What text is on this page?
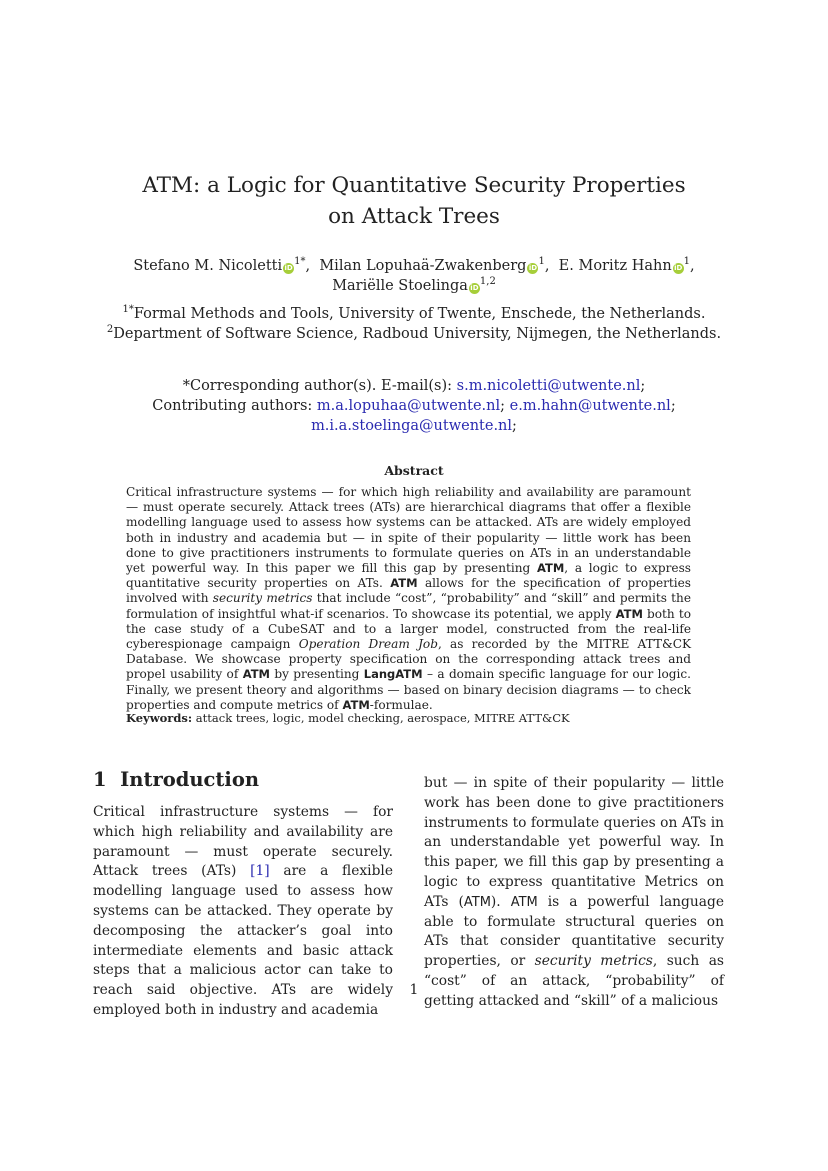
ATM: a Logic for Quantitative Security Properties
on Attack Trees
Stefano M. Nicoletti $iD^{1*}$,  Milan Lopuhaä-Zwakenberg $iD^1$,  E. Moritz Hahn $iD^1$,
Mariëlle Stoelinga iD$^{1,2}$
$^{1*}$Formal Methods and Tools, University of Twente, Enschede, the Netherlands.
$^2$Department of Software Science, Radboud University, Nijmegen, the Netherlands.
*Corresponding author(s). E-mail(s): s.m.nicoletti@utwente.nl;
Contributing authors: m.a.lopuhaa@utwente.nl; e.m.hahn@utwente.nl;
m.i.a.stoelinga@utwente.nl;
Abstract
Critical infrastructure systems — for which high reliability and availability are paramount — must operate securely. Attack trees (ATs) are hierarchical diagrams that offer a flexible modelling language used to assess how systems can be attacked. ATs are widely employed both in industry and academia but — in spite of their popularity — little work has been done to give practitioners instruments to formulate queries on ATs in an understandable yet powerful way. In this paper we fill this gap by presenting ATM, a logic to express quantitative security properties on ATs. ATM allows for the specification of properties involved with security metrics that include “cost”, “probability” and “skill” and permits the formulation of insightful what-if scenarios. To showcase its potential, we apply ATM both to the case study of a CubeSAT and to a larger model, constructed from the real-life cyberespionage campaign Operation Dream Job, as recorded by the MITRE ATT&CK Database. We showcase property specification on the corresponding attack trees and propel usability of ATM by presenting LangATM – a domain specific language for our logic. Finally, we present theory and algorithms — based on binary decision diagrams — to check properties and compute metrics of ATM-formulae.
Keywords: attack trees, logic, model checking, aerospace, MITRE ATT&CK
1 Introduction

Critical infrastructure systems — for which high reliability and availability are paramount — must operate securely. Attack trees (ATs) [1] are a flexible modelling language used to assess how systems can be attacked. They operate by decomposing the attacker’s goal into intermediate elements and basic attack steps that a malicious actor can take to reach said objective. ATs are widely employed both in industry and academia

but — in spite of their popularity — little work has been done to give practitioners instruments to formulate queries on ATs in an understandable yet powerful way. In this paper, we fill this gap by presenting a logic to express quantitative Metrics on ATs (ATM). ATM is a powerful language able to formulate structural queries on ATs that consider quantitative security properties, or security metrics, such as “cost” of an attack, “probability” of getting attacked and “skill” of a malicious

1
